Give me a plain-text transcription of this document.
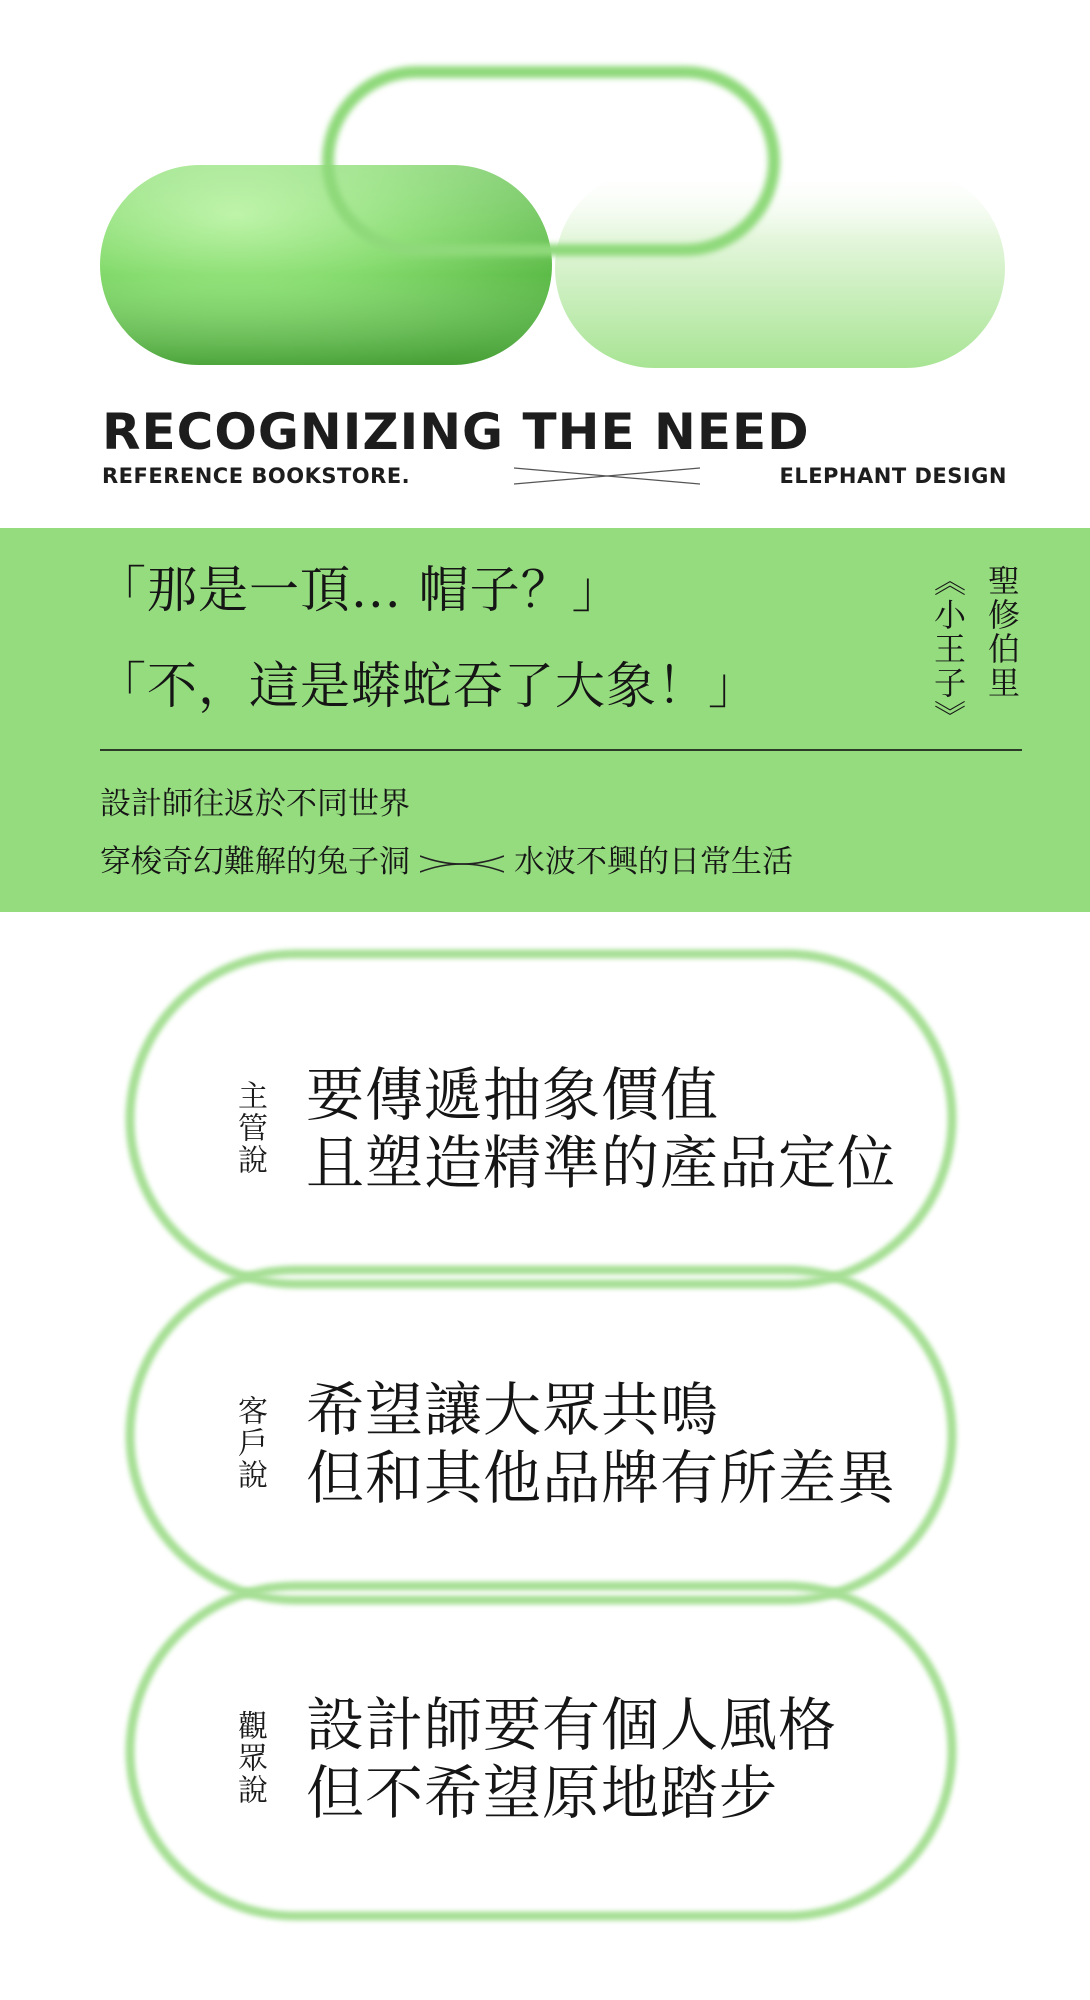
RECOGNIZING THE NEED
REFERENCE BOOKSTORE.	ELEPHANT DESIGN
「那是一頂... 帽子？」
「不，這是蟒蛇吞了大象！」	聖修伯里
《小王子》
設計師往返於不同世界
穿梭奇幻難解的兔子洞	水波不興的日常生活
主管說 要傳遞抽象價值
且塑造精準的產品定位
客戶說 希望讓大眾共鳴
但和其他品牌有所差異
觀眾說 設計師要有個人風格
但不希望原地踏步
